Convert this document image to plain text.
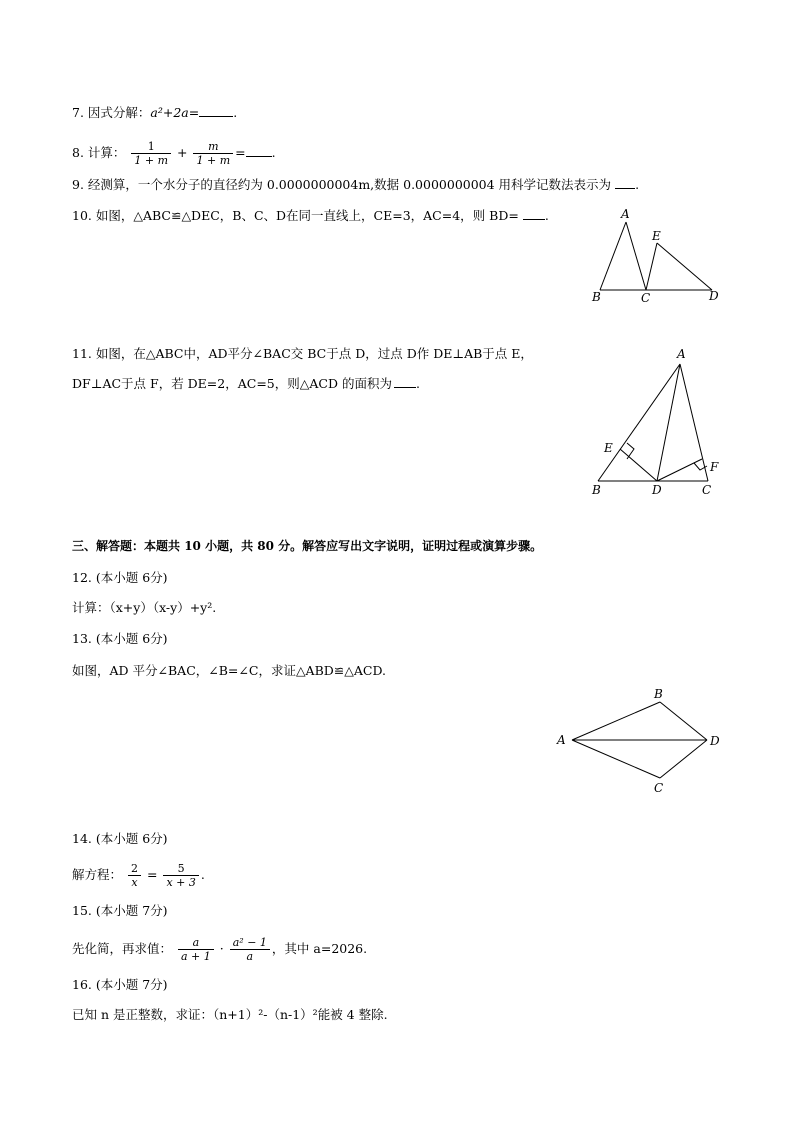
7. 因式分解：a²+2a=	.
8. 计算： $\frac{1}{1 + m} + \frac{m}{1 + m}$ = .
9. 经测算，一个水分子的直径约为 0.0000000004m,数据 0.0000000004 用科学记数法表示为 .
10. 如图，△ABC≌△DEC，B、C、D在同一直线上，CE=3，AC=4，则 BD= .	A
E
B	C	D
11. 如图，在△ABC中，AD平分∠BAC交 BC于点 D，过点 D作 DE⊥AB于点 E，
DF⊥AC于点 F，若 DE=2，AC=5，则△ACD 的面积为 .
A
E
F
B	D	C
三、解答题：本题共 10 小题，共 80 分。解答应写出文字说明，证明过程或演算步骤。
12. (本小题 6分)
计算：（x+y）（x-y）+y².
13. (本小题 6分)
如图，AD 平分∠BAC，∠B=∠C，求证△ABD≌△ACD.
B
A	D
C
14. (本小题 6分)
解方程： $\frac{2}{x} = \frac{5}{x + 3}$ .
15. (本小题 7分)
先化简，再求值： $\frac{a}{a + 1} \cdot \frac{\text{a² − 1}}{a}$ ，其中 a=2026.
16. (本小题 7分)
已知 n 是正整数，求证：（n+1）²-（n-1）²能被 4 整除.
